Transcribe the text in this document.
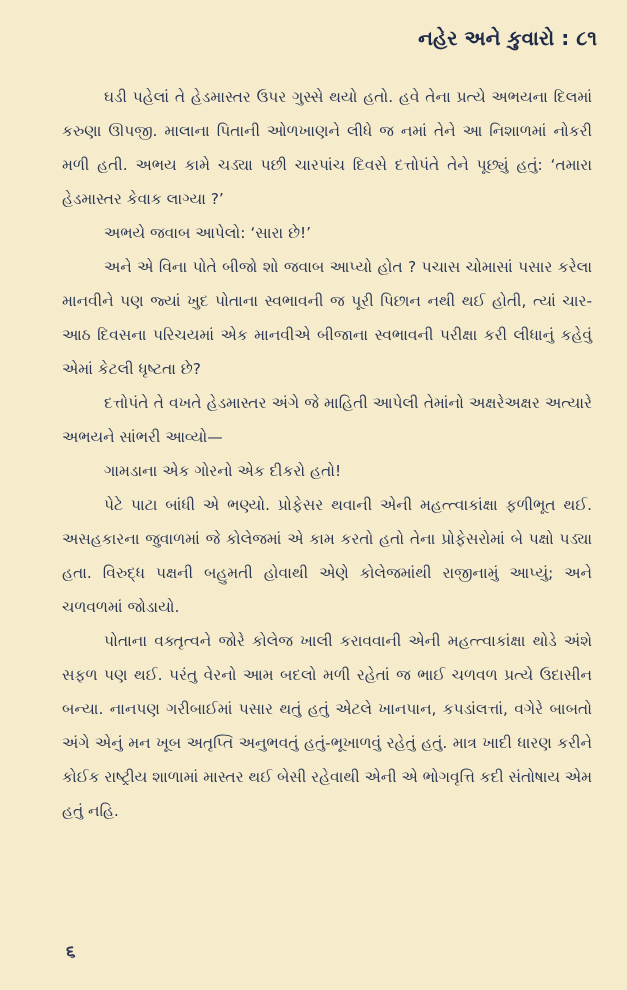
નહેર અને કુવારો : ૮૧

ઘડી પહેલાં તે હેડમાસ્તર ઉપર ગુસ્સે થયો હતો. હવે તેના પ્રત્યે અભયના દિલમાં કરુણા ઊપજી. માલાના પિતાની ઓળખાણને લીધે જ નમાં તેને આ નિશાળમાં નોકરી મળી હતી. અભય કામે ચડ્યા પછી ચારપાંચ દિવસે દત્તોપંતે તેને પૂછ્યું હતું: ‘તમારા હેડમાસ્તર કેવાક લાગ્યા ?’

અભયે જવાબ આપેલો: ‘સારા છે!’

અને એ વિના પોતે બીજો શો જવાબ આપ્યો હોત ? પચાસ ચોમાસાં પસાર કરેલા માનવીને પણ જ્યાં ખુદ પોતાના સ્વભાવની જ પૂરી પિછાન નથી થઈ હોતી, ત્યાં ચાર-આઠ દિવસના પરિચયમાં એક માનવીએ બીજાના સ્વભાવની પરીક્ષા કરી લીધાનું કહેવું એમાં કેટલી ધૃષ્ટતા છે?

દત્તોપંતે તે વખતે હેડમાસ્તર અંગે જે માહિતી આપેલી તેમાંનો અક્ષરેઅક્ષર અત્યારે અભયને સાંભરી આવ્યો—

ગામડાના એક ગોરનો એક દીકરો હતો!

પેટે પાટા બાંધી એ ભણ્યો. પ્રોફેસર થવાની એની મહત્ત્વાકાંક્ષા ફળીભૂત થઈ. અસહકારના જુવાળમાં જે કોલેજમાં એ કામ કરતો હતો તેના પ્રોફેસરોમાં બે પક્ષો પડ્યા હતા. વિરુદ્ધ પક્ષની બહુમતી હોવાથી એણે કોલેજમાંથી રાજીનામું આપ્યું; અને ચળવળમાં જોડાયો.

પોતાના વક્તૃત્વને જોરે કોલેજ ખાલી કરાવવાની એની મહત્ત્વાકાંક્ષા થોડે અંશે સફળ પણ થઈ. પરંતુ વેરનો આમ બદલો મળી રહેતાં જ ભાઈ ચળવળ પ્રત્યે ઉદાસીન બન્યા. નાનપણ ગરીબાઈમાં પસાર થતું હતું એટલે ખાનપાન, કપડાંલત્તાં, વગેરે બાબતો અંગે એનું મન ખૂબ અતૃપ્તિ અનુભવતું હતું-ભૂખાળવું રહેતું હતું. માત્ર ખાદી ધારણ કરીને કોઈક રાષ્ટ્રીય શાળામાં માસ્તર થઈ બેસી રહેવાથી એની એ ભોગવૃત્તિ કદી સંતોષાય એમ હતું નહિ.

૬
